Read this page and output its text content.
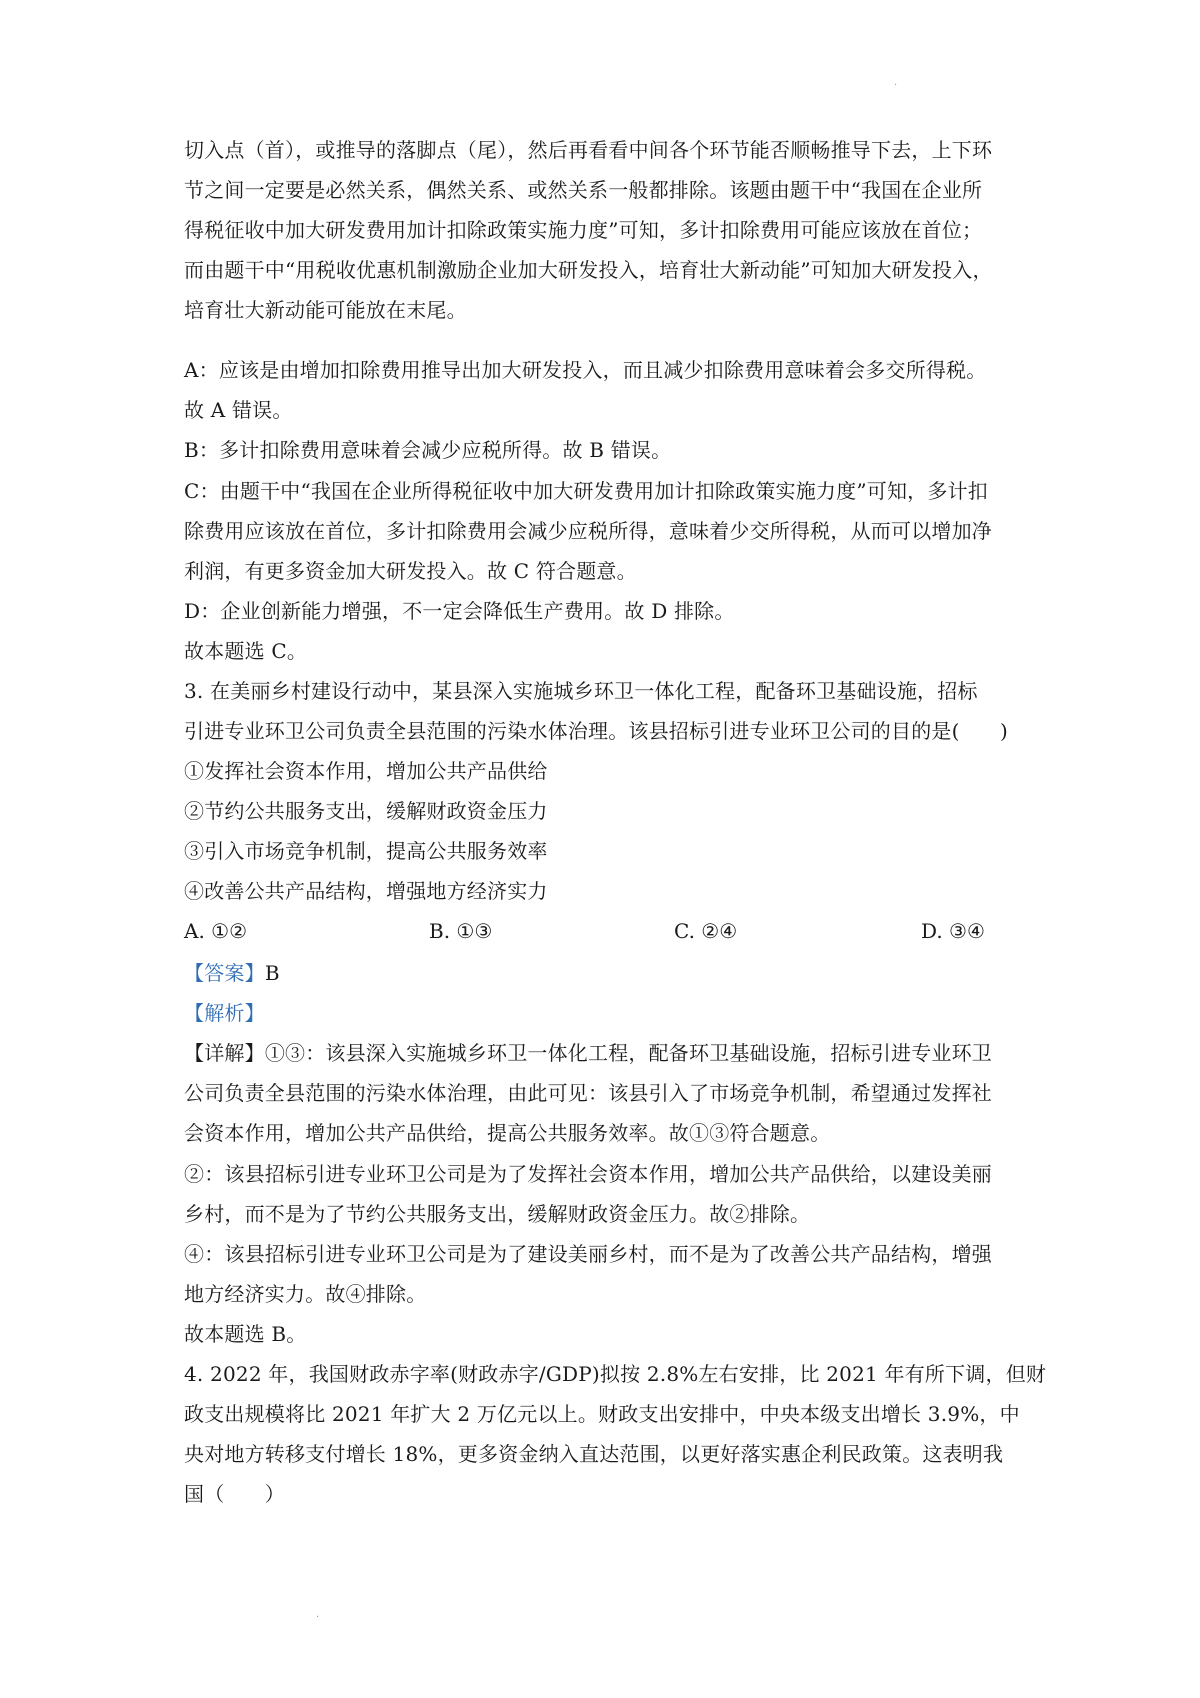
·
切入点（首），或推导的落脚点（尾），然后再看看中间各个环节能否顺畅推导下去，上下环
节之间一定要是必然关系，偶然关系、或然关系一般都排除。该题由题干中“我国在企业所
得税征收中加大研发费用加计扣除政策实施力度”可知，多计扣除费用可能应该放在首位；
而由题干中“用税收优惠机制激励企业加大研发投入，培育壮大新动能”可知加大研发投入，
培育壮大新动能可能放在末尾。
A：应该是由增加扣除费用推导出加大研发投入，而且减少扣除费用意味着会多交所得税。
故 A 错误。
B：多计扣除费用意味着会减少应税所得。故 B 错误。
C：由题干中“我国在企业所得税征收中加大研发费用加计扣除政策实施力度”可知，多计扣
除费用应该放在首位，多计扣除费用会减少应税所得，意味着少交所得税，从而可以增加净
利润，有更多资金加大研发投入。故 C 符合题意。
D：企业创新能力增强，不一定会降低生产费用。故 D 排除。
故本题选 C。
3. 在美丽乡村建设行动中，某县深入实施城乡环卫一体化工程，配备环卫基础设施，招标
引进专业环卫公司负责全县范围的污染水体治理。该县招标引进专业环卫公司的目的是(　　)
①发挥社会资本作用，增加公共产品供给
②节约公共服务支出，缓解财政资金压力
③引入市场竞争机制，提高公共服务效率
④改善公共产品结构，增强地方经济实力
A. ①②	B. ①③	C. ②④	D. ③④
【答案】B
【解析】
【详解】①③：该县深入实施城乡环卫一体化工程，配备环卫基础设施，招标引进专业环卫
公司负责全县范围的污染水体治理，由此可见：该县引入了市场竞争机制，希望通过发挥社
会资本作用，增加公共产品供给，提高公共服务效率。故①③符合题意。
②：该县招标引进专业环卫公司是为了发挥社会资本作用，增加公共产品供给，以建设美丽
乡村，而不是为了节约公共服务支出，缓解财政资金压力。故②排除。
④：该县招标引进专业环卫公司是为了建设美丽乡村，而不是为了改善公共产品结构，增强
地方经济实力。故④排除。
故本题选 B。
4. 2022 年，我国财政赤字率(财政赤字/GDP)拟按 2.8%左右安排，比 2021 年有所下调，但财
政支出规模将比 2021 年扩大 2 万亿元以上。财政支出安排中，中央本级支出增长 3.9%，中
央对地方转移支付增长 18%，更多资金纳入直达范围，以更好落实惠企利民政策。这表明我
国（　　）
·
